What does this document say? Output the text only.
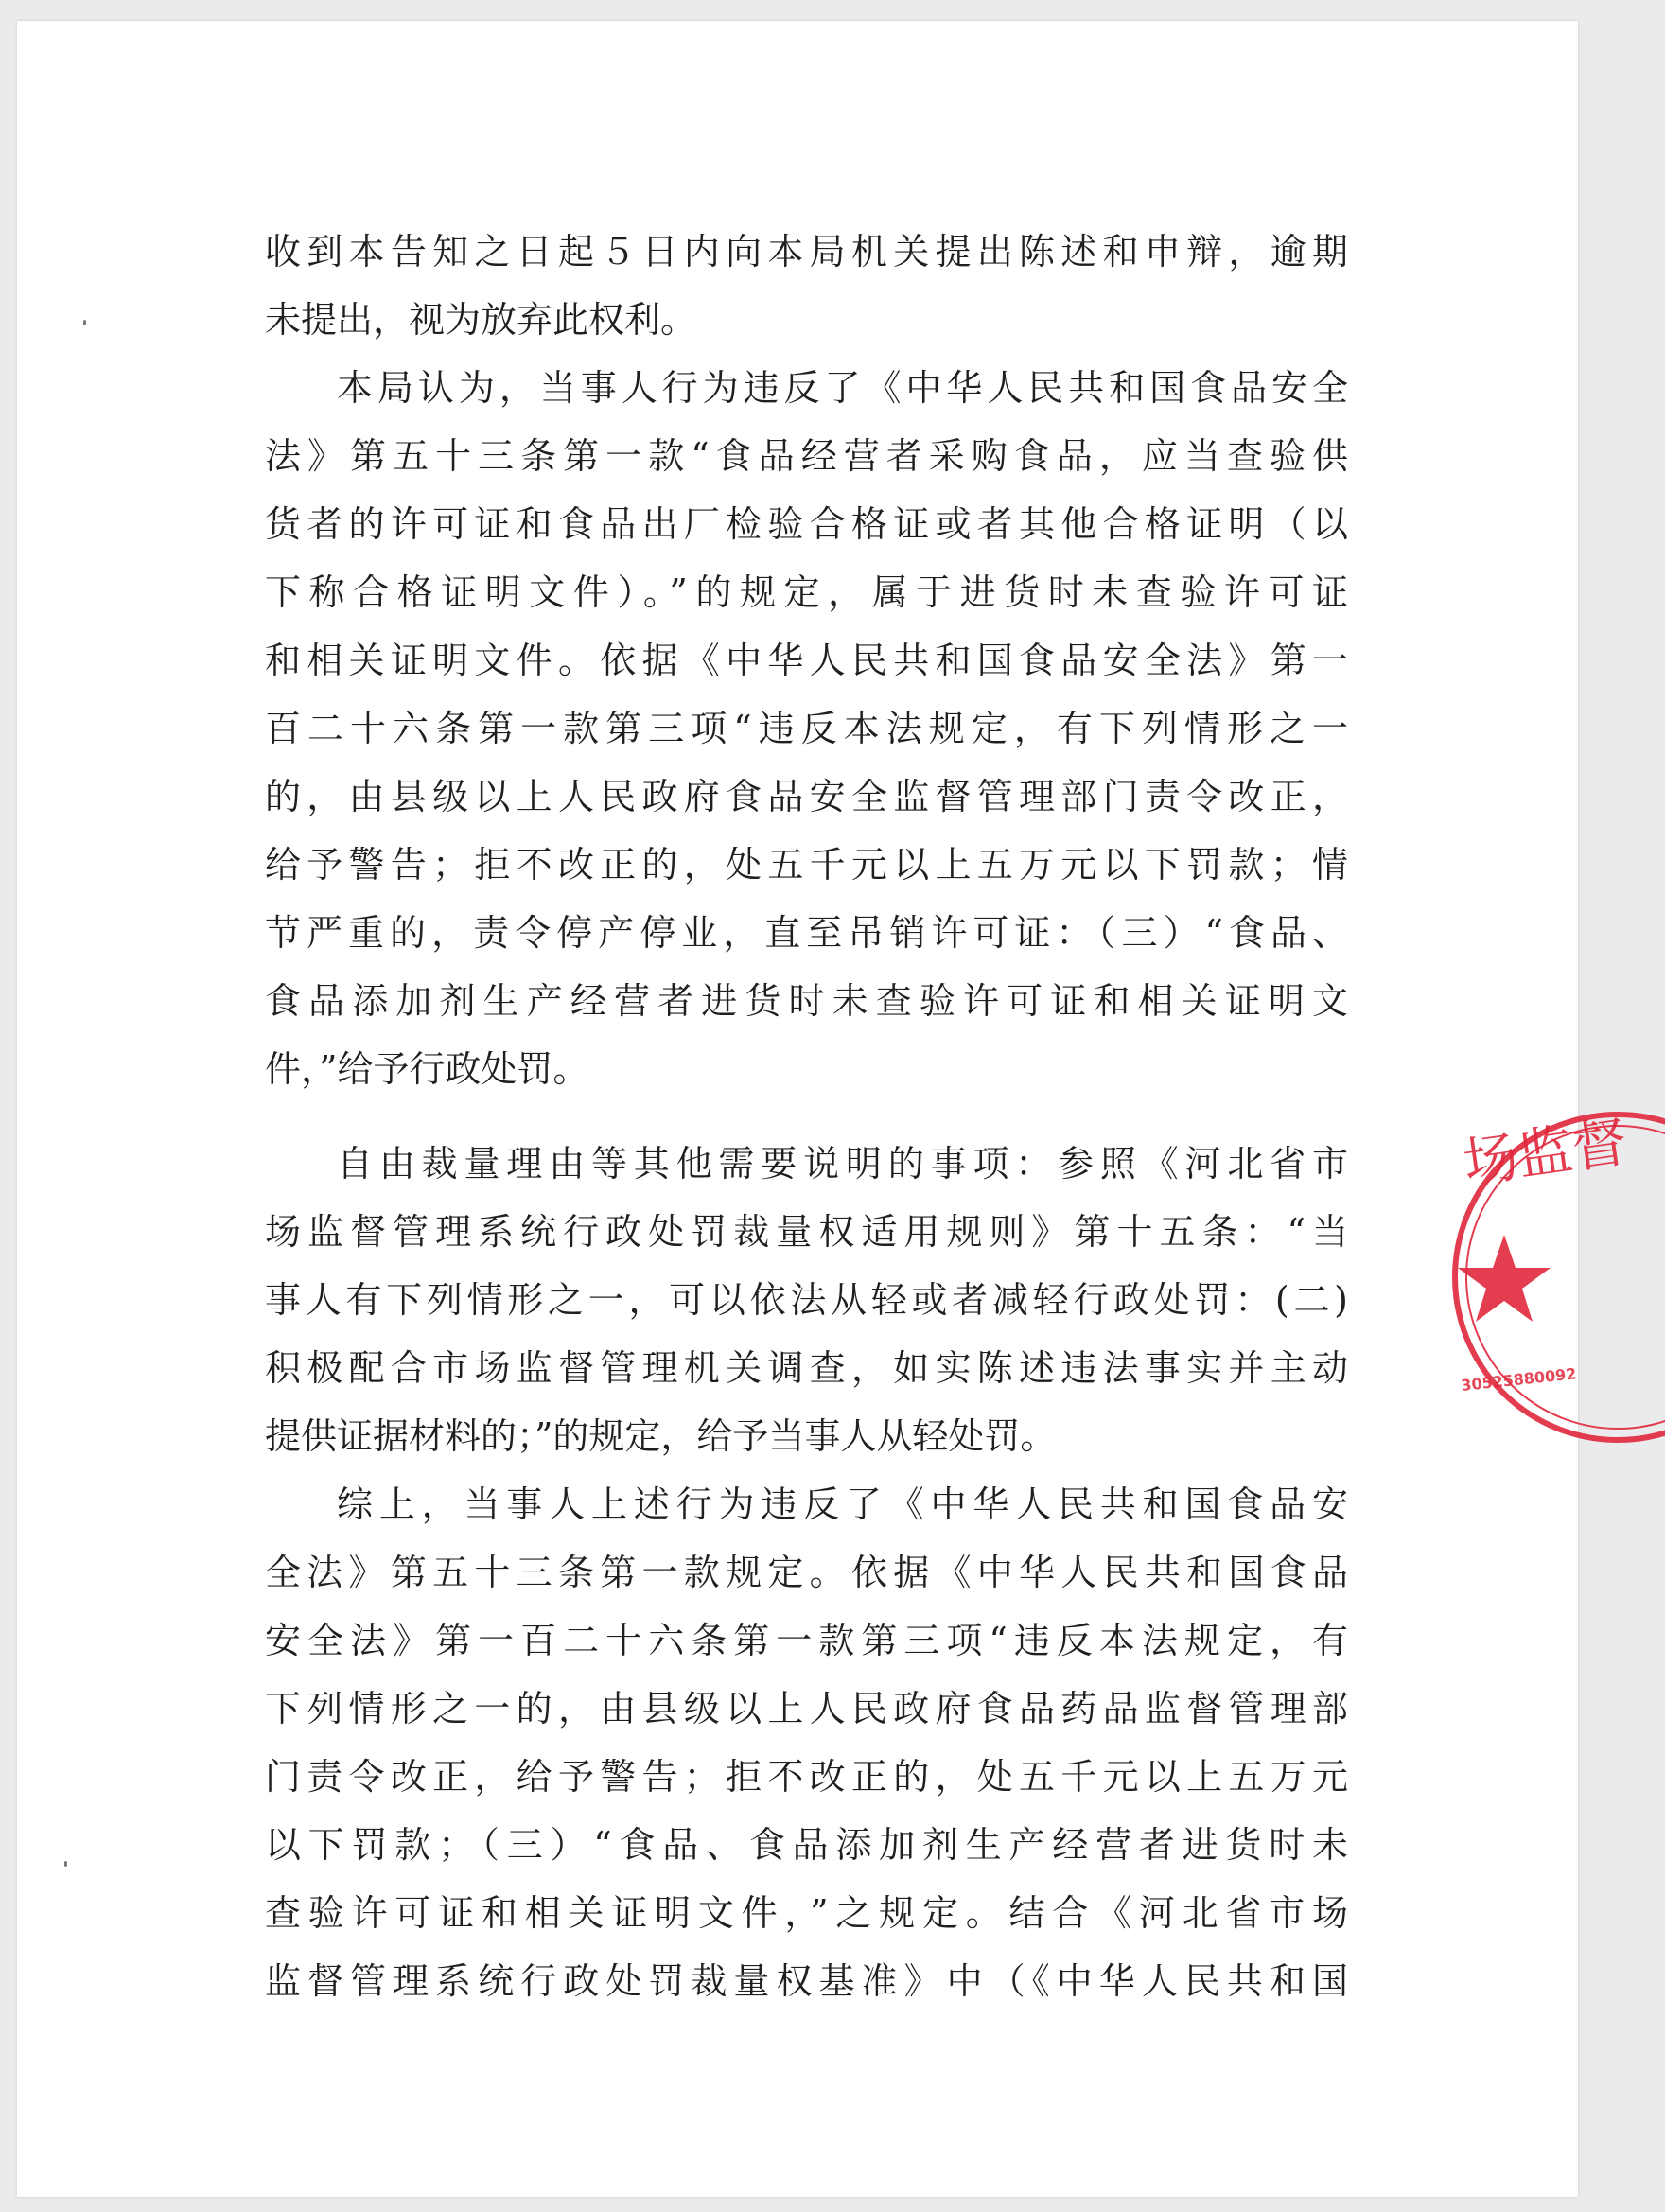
收到本告知之日起５日内向本局机关提出陈述和申辩，逾期
未提出，视为放弃此权利。
本局认为，当事人行为违反了《中华人民共和国食品安全
法》第五十三条第一款“食品经营者采购食品，应当查验供
货者的许可证和食品出厂检验合格证或者其他合格证明（以
下称合格证明文件）。”的规定，属于进货时未查验许可证
和相关证明文件。依据《中华人民共和国食品安全法》第一
百二十六条第一款第三项“违反本法规定，有下列情形之一
的，由县级以上人民政府食品安全监督管理部门责令改正，
给予警告；拒不改正的，处五千元以上五万元以下罚款；情
节严重的，责令停产停业，直至吊销许可证：（三）“食品、
食品添加剂生产经营者进货时未查验许可证和相关证明文
件，”给予行政处罚。
自由裁量理由等其他需要说明的事项：参照《河北省市
场监督管理系统行政处罚裁量权适用规则》第十五条：“当
事人有下列情形之一，可以依法从轻或者减轻行政处罚：(二)
积极配合市场监督管理机关调查，如实陈述违法事实并主动
提供证据材料的；”的规定，给予当事人从轻处罚。
综上，当事人上述行为违反了《中华人民共和国食品安
全法》第五十三条第一款规定。依据《中华人民共和国食品
安全法》第一百二十六条第一款第三项“违反本法规定，有
下列情形之一的，由县级以上人民政府食品药品监督管理部
门责令改正，给予警告；拒不改正的，处五千元以上五万元
以下罚款；（三）“食品、食品添加剂生产经营者进货时未
查验许可证和相关证明文件，”之规定。结合《河北省市场
监督管理系统行政处罚裁量权基准》中（《中华人民共和国
场监督
30525880092
